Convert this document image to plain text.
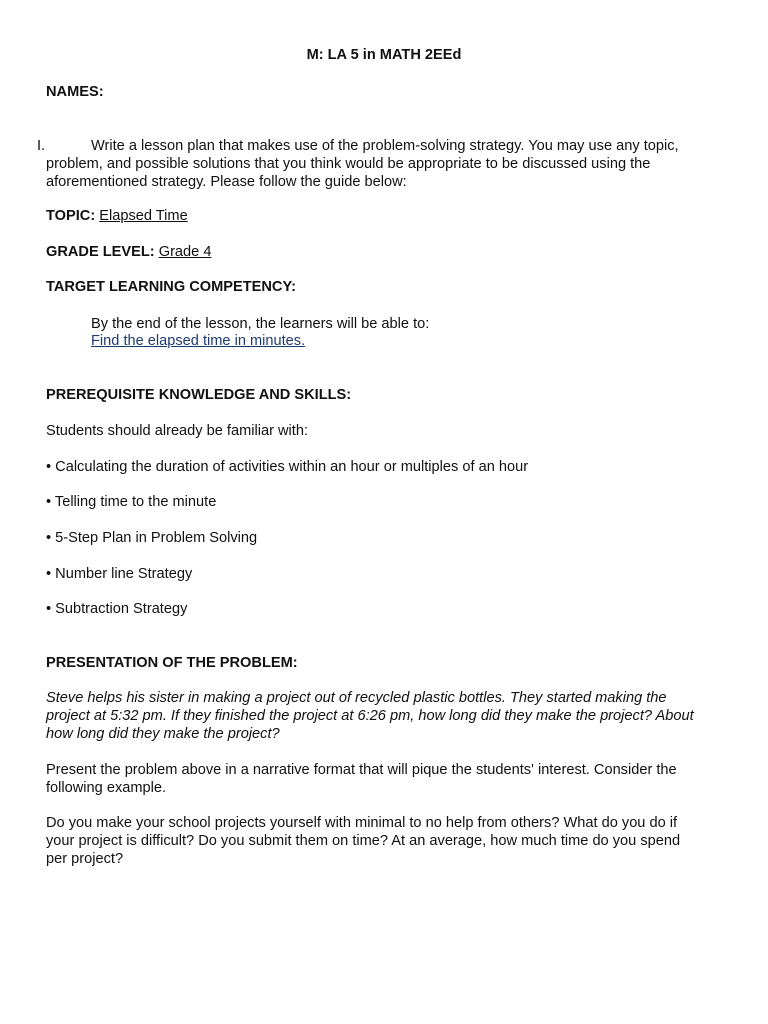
M: LA 5 in MATH 2EEd

NAMES:

I.	Write a lesson plan that makes use of the problem-solving strategy. You may use any topic,

problem, and possible solutions that you think would be appropriate to be discussed using the

aforementioned strategy. Please follow the guide below:

TOPIC: Elapsed Time

GRADE LEVEL: Grade 4

TARGET LEARNING COMPETENCY:

By the end of the lesson, the learners will be able to:

Find the elapsed time in minutes.

PREREQUISITE KNOWLEDGE AND SKILLS:

Students should already be familiar with:

• Calculating the duration of activities within an hour or multiples of an hour

• Telling time to the minute

• 5-Step Plan in Problem Solving

• Number line Strategy

• Subtraction Strategy

PRESENTATION OF THE PROBLEM:

Steve helps his sister in making a project out of recycled plastic bottles. They started making the

project at 5:32 pm. If they finished the project at 6:26 pm, how long did they make the project? About

how long did they make the project?

Present the problem above in a narrative format that will pique the students' interest. Consider the

following example.

Do you make your school projects yourself with minimal to no help from others? What do you do if

your project is difficult? Do you submit them on time? At an average, how much time do you spend

per project?
